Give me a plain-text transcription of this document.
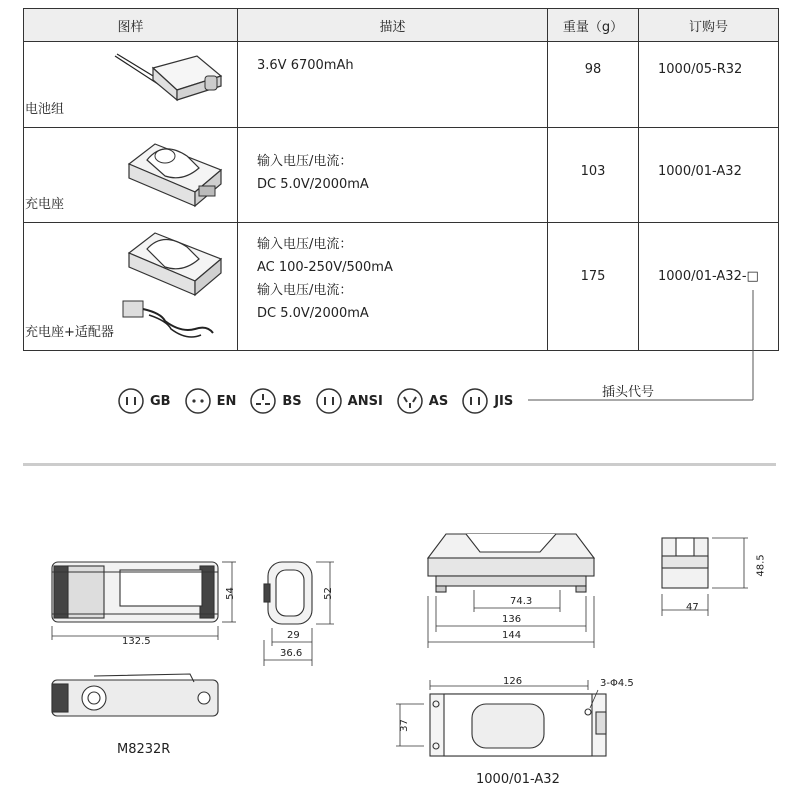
图样	描述	重量（g）	订购号

电池组	3.6V 6700mAh	98	1000/05-R32

充电座	输入电压/电流：
DC 5.0V/2000mA	103	1000/01-A32

充电座+适配器	输入电压/电流：
AC 100-250V/500mA
输入电压/电流：
DC 5.0V/2000mA	175	1000/01-A32-□
GB	EN	BS	ANSI	AS	JIS
插头代号
132.5
54	52
29
36.6
M8232R
74.3
136
144
48.5
47
126	3-Φ4.5
37
1000/01-A32
